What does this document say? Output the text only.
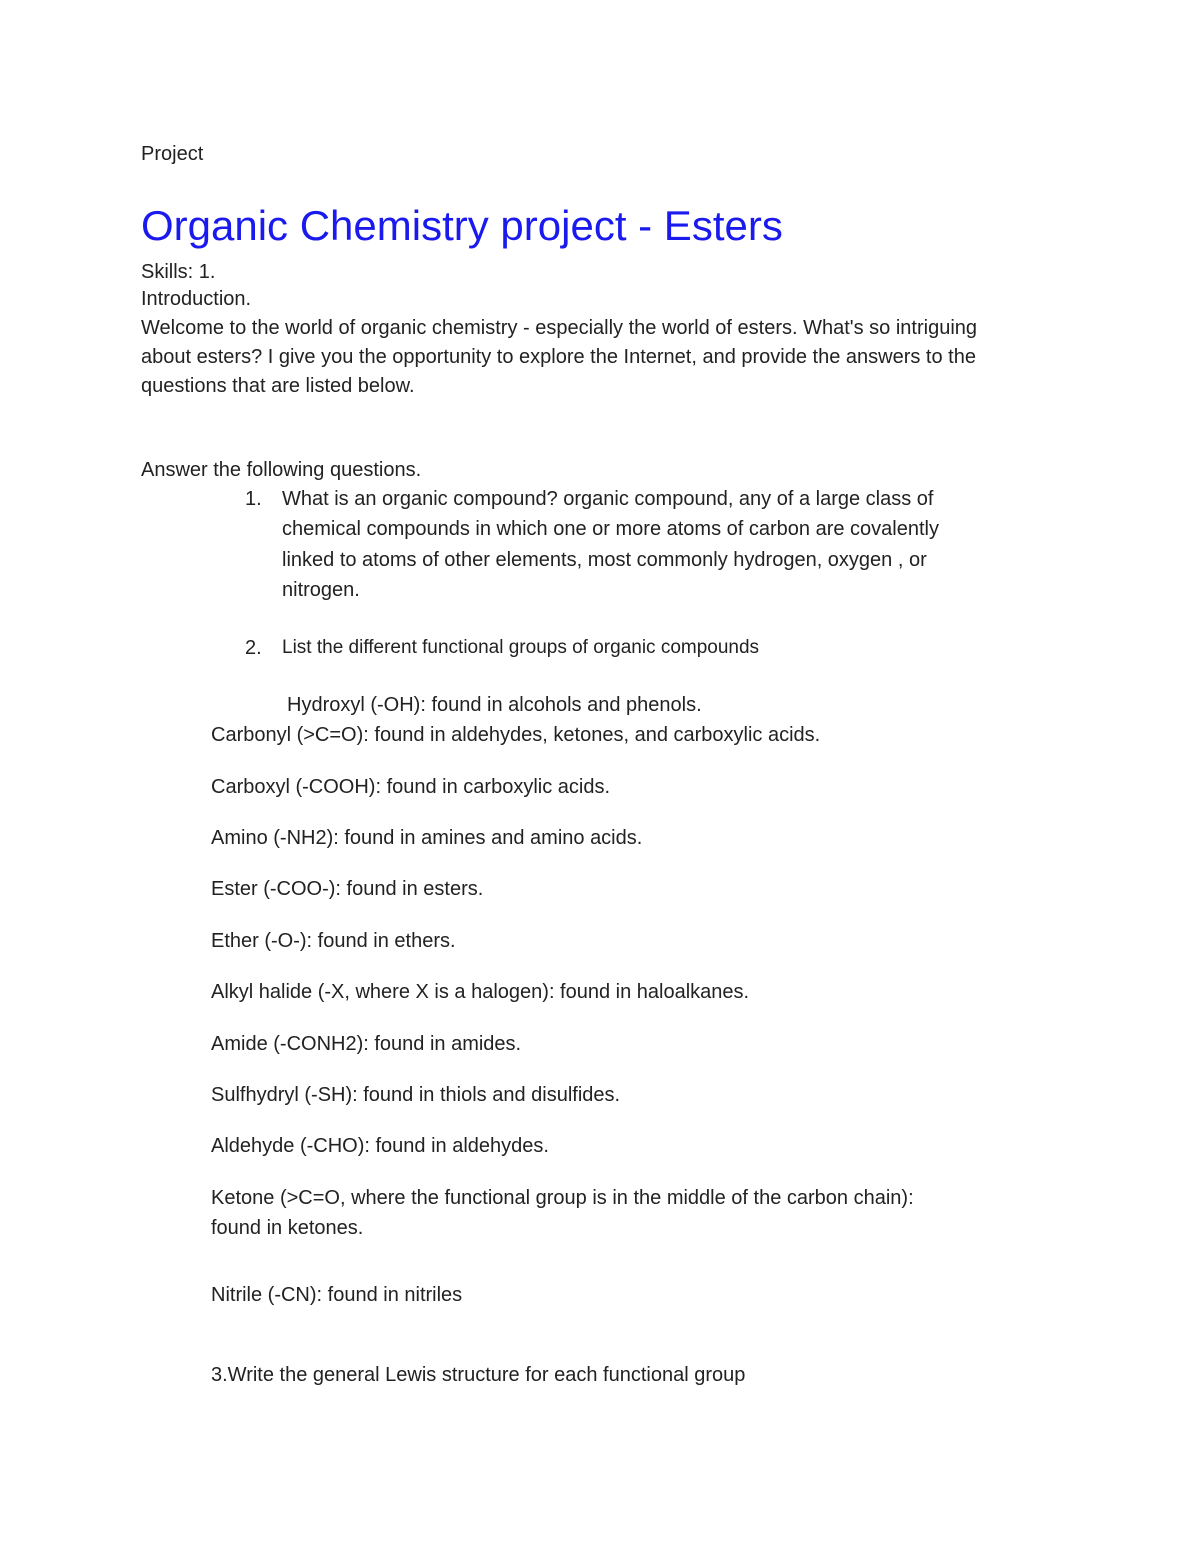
Project

Organic Chemistry project - Esters

Skills: 1.

Introduction.

Welcome to the world of organic chemistry - especially the world of esters. What's so intriguing

about esters? I give you the opportunity to explore the Internet, and provide the answers to the

questions that are listed below.

Answer the following questions.

1. What is an organic compound? organic compound, any of a large class of

chemical compounds in which one or more atoms of carbon are covalently

linked to atoms of other elements, most commonly hydrogen, oxygen , or

nitrogen.

2. List the different functional groups of organic compounds

Hydroxyl (-OH): found in alcohols and phenols.

Carbonyl (>C=O): found in aldehydes, ketones, and carboxylic acids.

Carboxyl (-COOH): found in carboxylic acids.

Amino (-NH2): found in amines and amino acids.

Ester (-COO-): found in esters.

Ether (-O-): found in ethers.

Alkyl halide (-X, where X is a halogen): found in haloalkanes.

Amide (-CONH2): found in amides.

Sulfhydryl (-SH): found in thiols and disulfides.

Aldehyde (-CHO): found in aldehydes.

Ketone (>C=O, where the functional group is in the middle of the carbon chain):

found in ketones.

Nitrile (-CN): found in nitriles

3.Write the general Lewis structure for each functional group
